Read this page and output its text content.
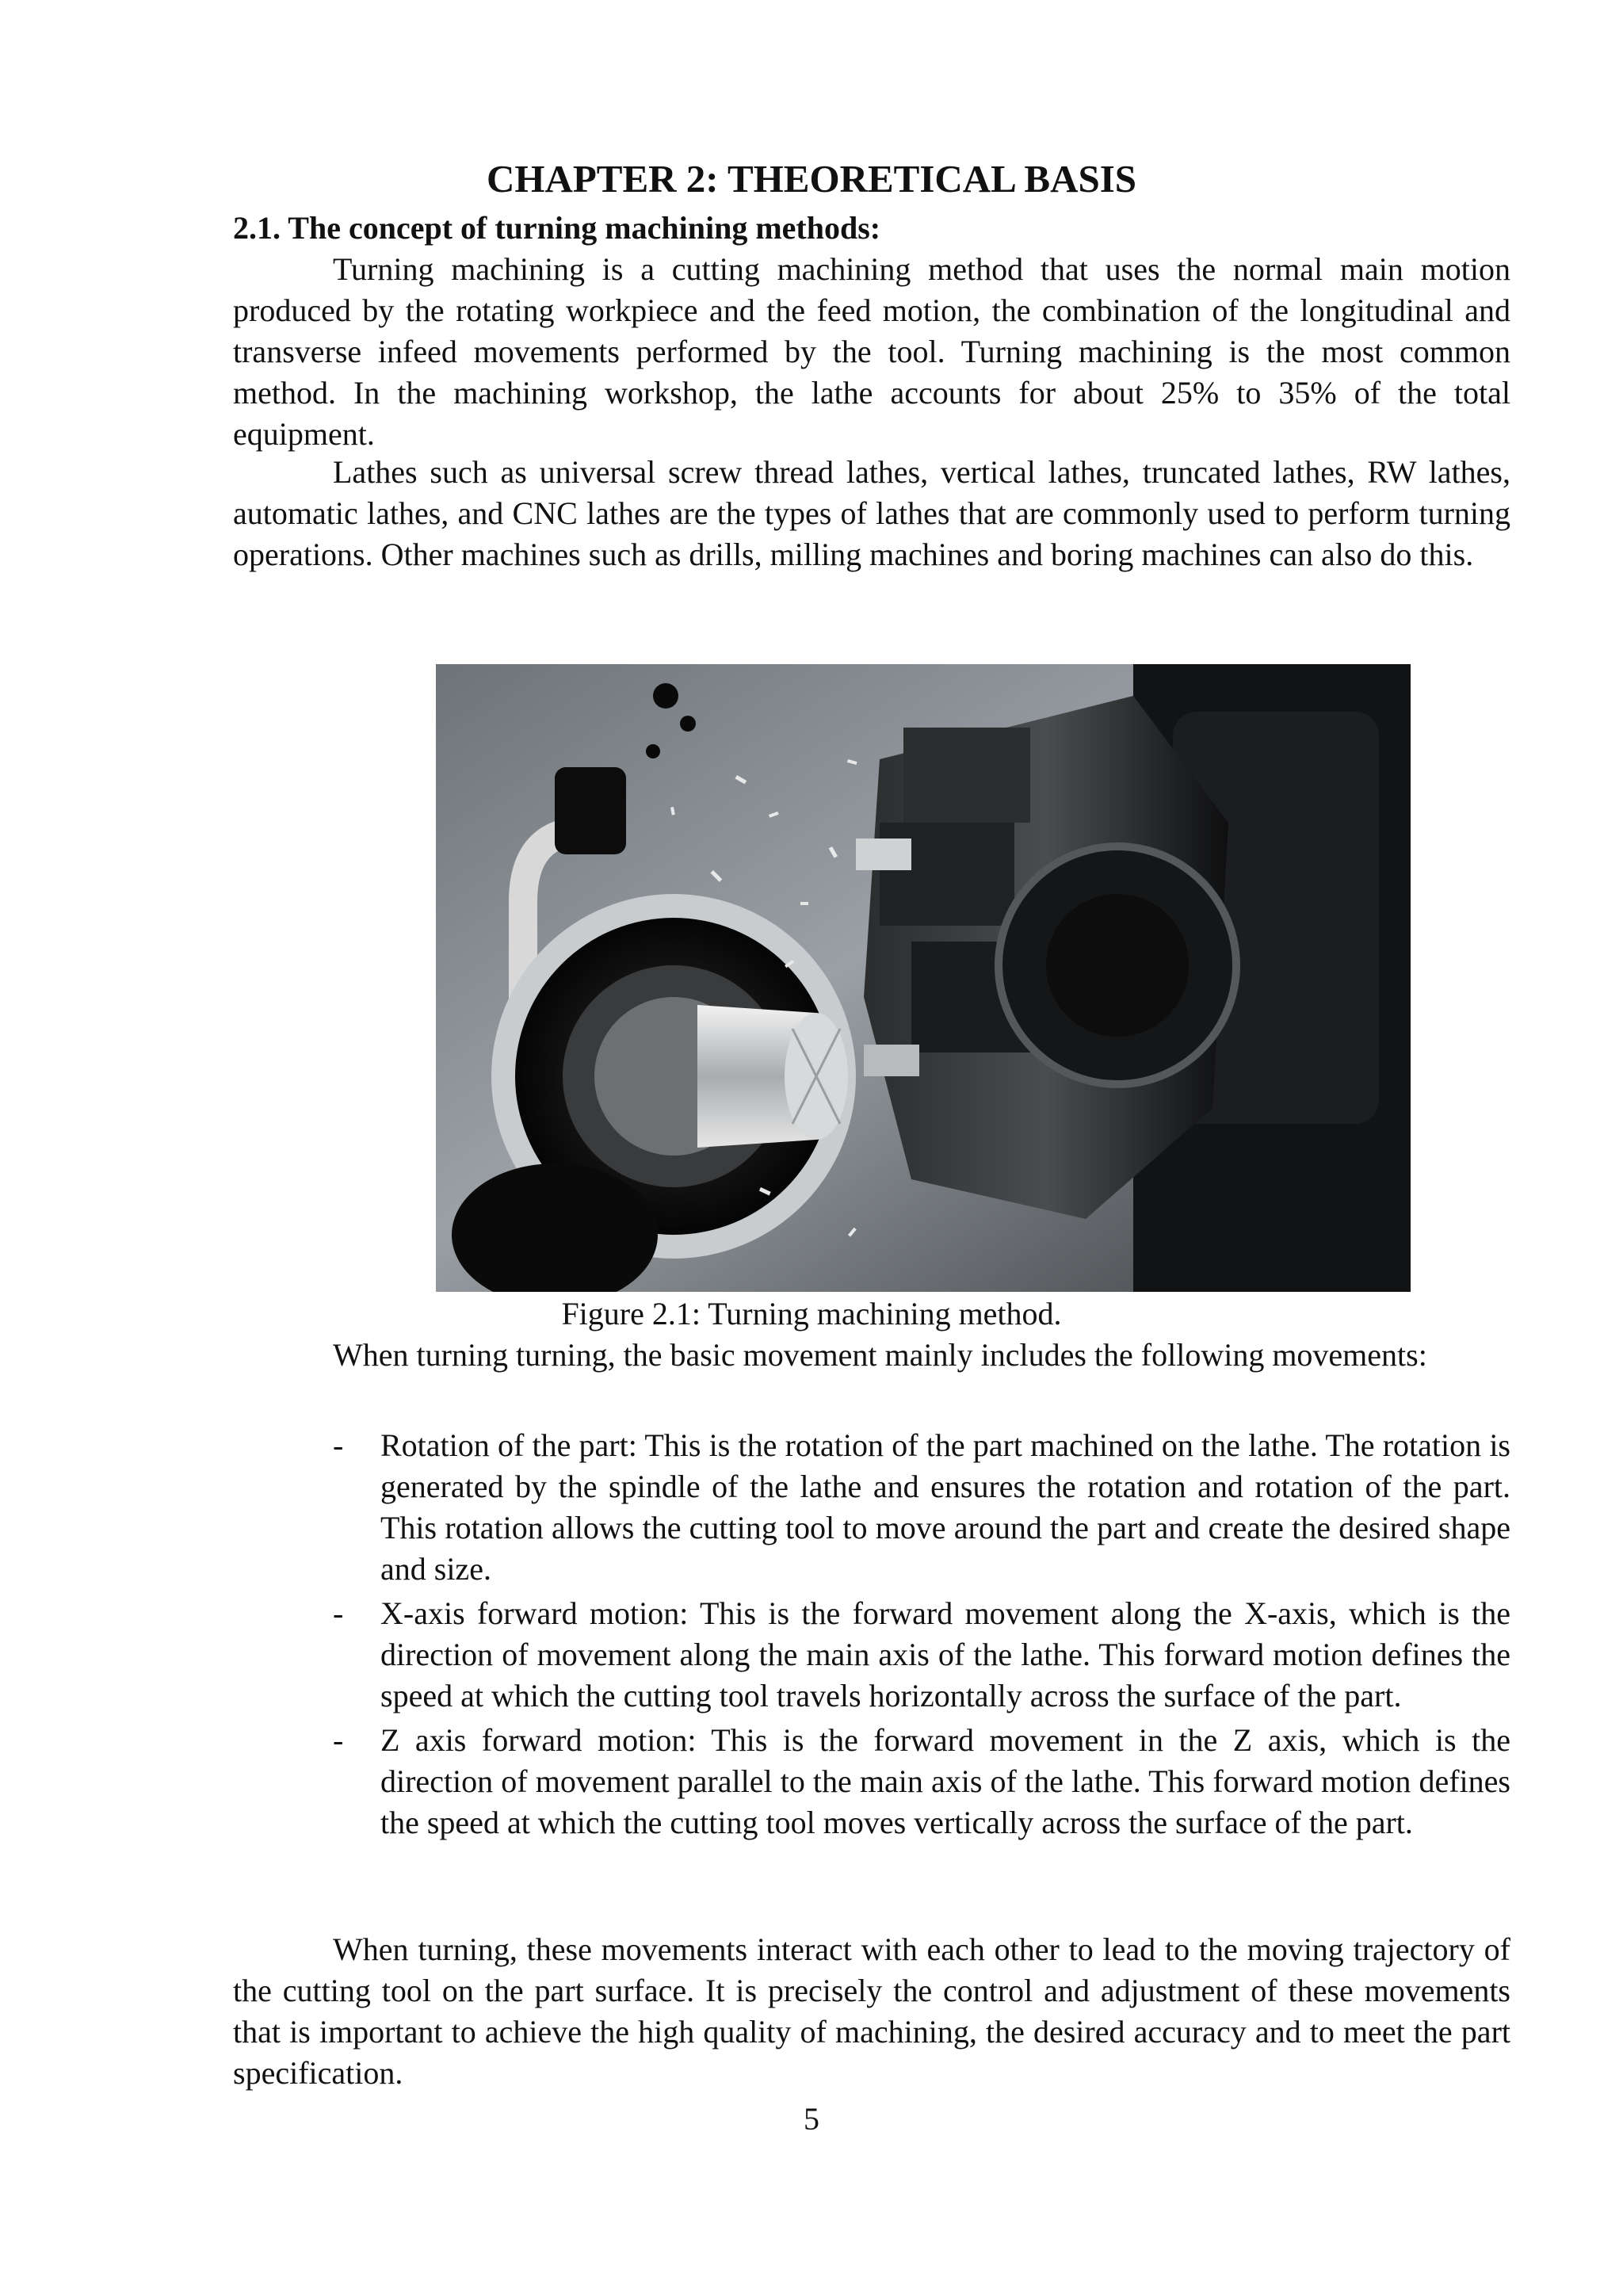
CHAPTER 2: THEORETICAL BASIS
2.1. The concept of turning machining methods:

Turning machining is a cutting machining method that uses the normal main motion produced by the rotating workpiece and the feed motion, the combination of the longitudinal and transverse infeed movements performed by the tool. Turning machining is the most common method. In the machining workshop, the lathe accounts for about 25% to 35% of the total equipment.

Lathes such as universal screw thread lathes, vertical lathes, truncated lathes, RW lathes, automatic lathes, and CNC lathes are the types of lathes that are commonly used to perform turning operations. Other machines such as drills, milling machines and boring machines can also do this.

Figure 2.1: Turning machining method.

When turning turning, the basic movement mainly includes the following movements:

- Rotation of the part: This is the rotation of the part machined on the lathe. The rotation is generated by the spindle of the lathe and ensures the rotation and rotation of the part. This rotation allows the cutting tool to move around the part and create the desired shape and size.
- X-axis forward motion: This is the forward movement along the X-axis, which is the direction of movement along the main axis of the lathe. This forward motion defines the speed at which the cutting tool travels horizontally across the surface of the part.
- Z axis forward motion: This is the forward movement in the Z axis, which is the direction of movement parallel to the main axis of the lathe. This forward motion defines the speed at which the cutting tool moves vertically across the surface of the part.

When turning, these movements interact with each other to lead to the moving trajectory of the cutting tool on the part surface. It is precisely the control and adjustment of these movements that is important to achieve the high quality of machining, the desired accuracy and to meet the part specification.

5
